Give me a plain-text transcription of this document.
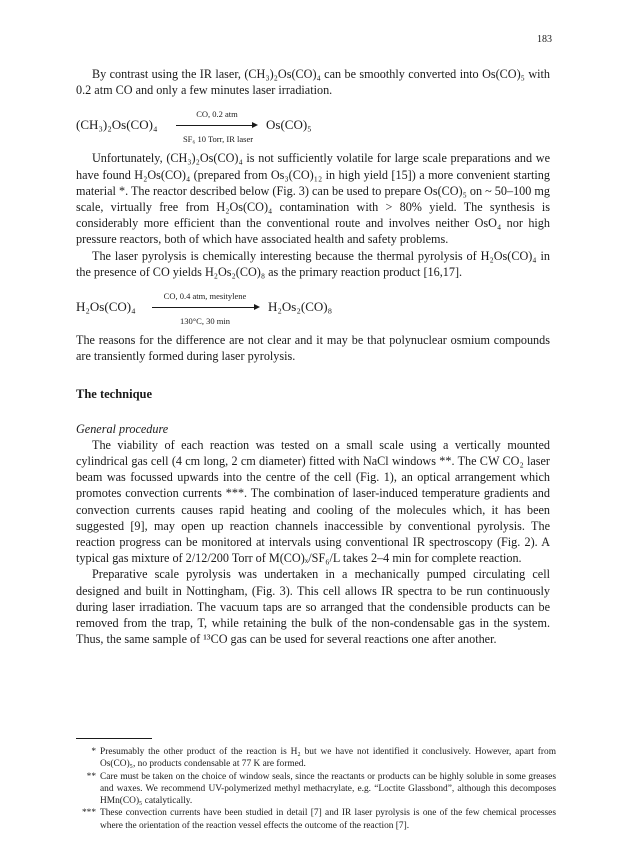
183

By contrast using the IR laser, (CH₃)₂Os(CO)₄ can be smoothly converted into Os(CO)₅ with 0.2 atm CO and only a few minutes laser irradiation.

(CH₃)₂Os(CO)₄
CO, 0.2 atm
SF₆ 10 Torr, IR laser
Os(CO)₅

Unfortunately, (CH₃)₂Os(CO)₄ is not sufficiently volatile for large scale preparations and we have found H₂Os(CO)₄ (prepared from Os₃(CO)₁₂ in high yield [15]) a more convenient starting material *. The reactor described below (Fig. 3) can be used to prepare Os(CO)₅ on ~ 50–100 mg scale, virtually free from H₂Os(CO)₄ contamination with > 80% yield. The synthesis is considerably more efficient than the conventional route and involves neither OsO₄ nor high pressure reactors, both of which have associated health and safety problems.

The laser pyrolysis is chemically interesting because the thermal pyrolysis of H₂Os(CO)₄ in the presence of CO yields H₂Os₂(CO)₈ as the primary reaction product [16,17].

H₂Os(CO)₄
CO, 0.4 atm, mesitylene
130°C, 30 min
H₂Os₂(CO)₈

The reasons for the difference are not clear and it may be that polynuclear osmium compounds are transiently formed during laser pyrolysis.

The technique
General procedure

The viability of each reaction was tested on a small scale using a vertically mounted cylindrical gas cell (4 cm long, 2 cm diameter) fitted with NaCl windows **. The CW CO₂ laser beam was focussed upwards into the centre of the cell (Fig. 1), an optical arrangement which promotes convection currents ***. The combination of laser-induced temperature gradients and convection currents causes rapid heating and cooling of the molecules which, it has been suggested [9], may open up reaction channels inaccessible by conventional pyrolysis. The reaction progress can be monitored at intervals using conventional IR spectroscopy (Fig. 2). A typical gas mixture of 2/12/200 Torr of M(CO)ₓ/SF₆/L takes 2–4 min for complete reaction.

Preparative scale pyrolysis was undertaken in a mechanically pumped circulating cell designed and built in Nottingham, (Fig. 3). This cell allows IR spectra to be run continuously during laser irradiation. The vacuum taps are so arranged that the condensible products can be removed from the trap, T, while retaining the bulk of the non-condensable gas in the system. Thus, the same sample of ¹³CO gas can be used for several reactions one after another.

* Presumably the other product of the reaction is H₂ but we have not identified it conclusively. However, apart from Os(CO)₅, no products condensable at 77 K are formed.
** Care must be taken on the choice of window seals, since the reactants or products can be highly soluble in some greases and waxes. We recommend UV-polymerized methyl methacrylate, e.g. “Loctite Glassbond”, although this decomposes HMn(CO)₅ catalytically.
*** These convection currents have been studied in detail [7] and IR laser pyrolysis is one of the few chemical processes where the orientation of the reaction vessel effects the outcome of the reaction [7].
